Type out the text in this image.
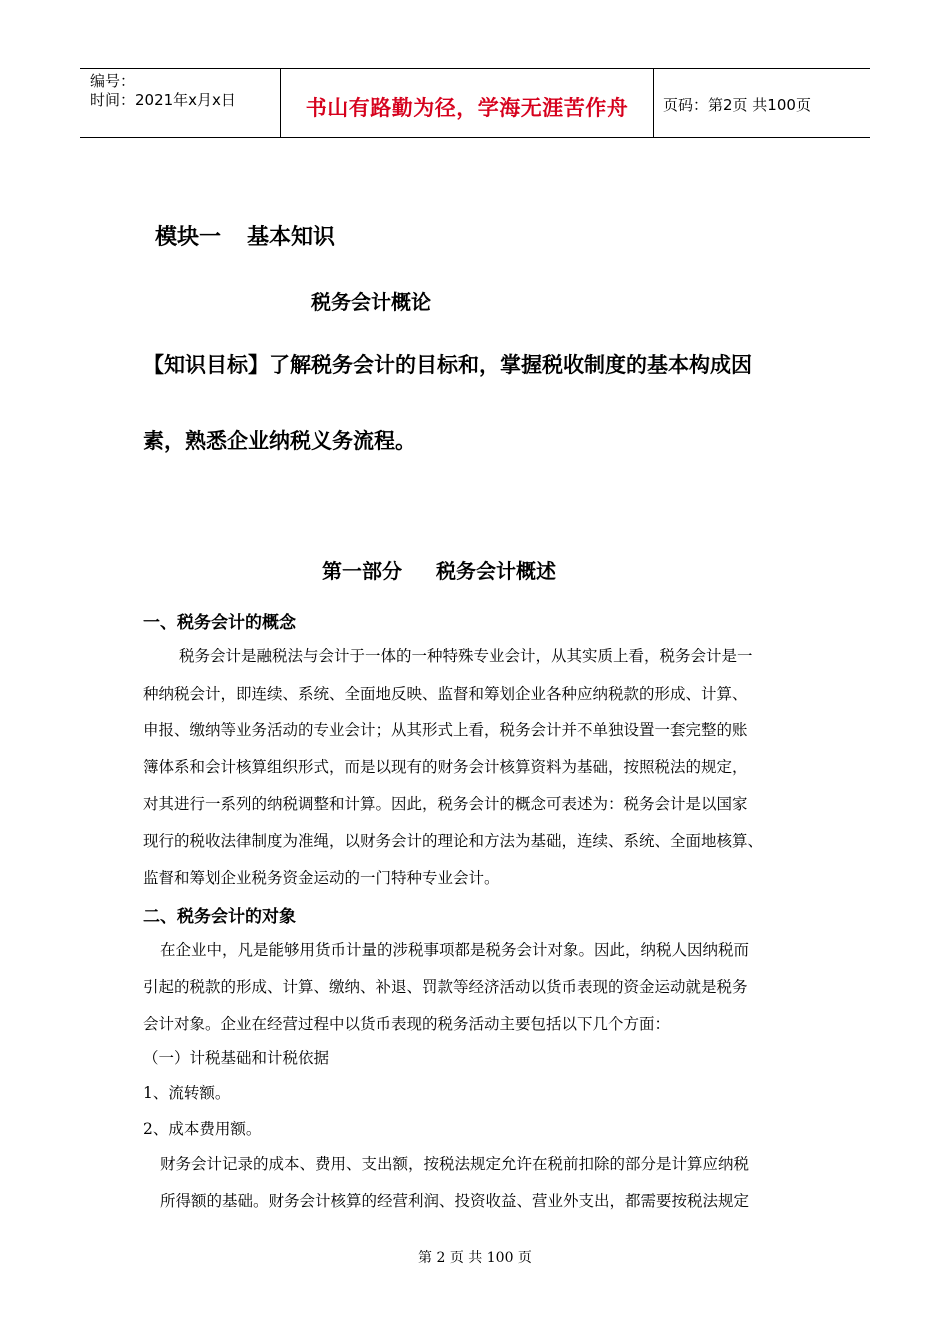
编号：
时间：2021年x月x日	书山有路勤为径，学海无涯苦作舟	页码：第2页 共100页
模块一 基本知识
税务会计概论
【知识目标】了解税务会计的目标和，掌握税收制度的基本构成因
素，熟悉企业纳税义务流程。
第一部分 税务会计概述
一、税务会计的概念
税务会计是融税法与会计于一体的一种特殊专业会计，从其实质上看，税务会计是一
种纳税会计，即连续、系统、全面地反映、监督和筹划企业各种应纳税款的形成、计算、
申报、缴纳等业务活动的专业会计；从其形式上看，税务会计并不单独设置一套完整的账
簿体系和会计核算组织形式，而是以现有的财务会计核算资料为基础，按照税法的规定，
对其进行一系列的纳税调整和计算。因此，税务会计的概念可表述为：税务会计是以国家
现行的税收法律制度为准绳，以财务会计的理论和方法为基础，连续、系统、全面地核算、
监督和筹划企业税务资金运动的一门特种专业会计。
二、税务会计的对象
在企业中，凡是能够用货币计量的涉税事项都是税务会计对象。因此，纳税人因纳税而
引起的税款的形成、计算、缴纳、补退、罚款等经济活动以货币表现的资金运动就是税务
会计对象。企业在经营过程中以货币表现的税务活动主要包括以下几个方面：
（一）计税基础和计税依据
1、流转额。
2、成本费用额。
财务会计记录的成本、费用、支出额，按税法规定允许在税前扣除的部分是计算应纳税
所得额的基础。财务会计核算的经营利润、投资收益、营业外支出，都需要按税法规定
第 2 页 共 100 页
